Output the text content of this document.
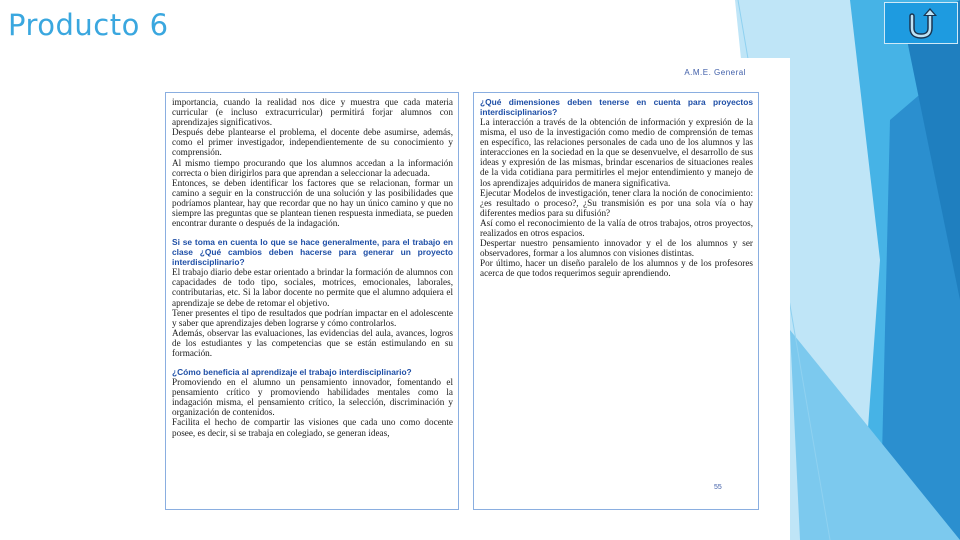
Producto 6
A.M.E. General

importancia, cuando la realidad nos dice y muestra que cada materia curricular (e incluso extracurricular) permitirá forjar alumnos con aprendizajes significativos.

Después debe plantearse el problema, el docente debe asumirse, además, como el primer investigador, independientemente de su conocimiento y comprensión.

Al mismo tiempo procurando que los alumnos accedan a la información correcta o bien dirigirlos para que aprendan a seleccionar la adecuada.

Entonces, se deben identificar los factores que se relacionan, formar un camino a seguir en la construcción de una solución y las posibilidades que podríamos plantear, hay que recordar que no hay un único camino y que no siempre las preguntas que se plantean tienen respuesta inmediata, se pueden encontrar durante o después de la indagación.

Si se toma en cuenta lo que se hace generalmente, para el trabajo en clase ¿Qué cambios deben hacerse para generar un proyecto interdisciplinario?

El trabajo diario debe estar orientado a brindar la formación de alumnos con capacidades de todo tipo, sociales, motrices, emocionales, laborales, contributarias, etc. Si la labor docente no permite que el alumno adquiera el aprendizaje se debe de retomar el objetivo.

Tener presentes el tipo de resultados que podrían impactar en el adolescente y saber que aprendizajes deben lograrse y cómo controlarlos.

Además, observar las evaluaciones, las evidencias del aula, avances, logros de los estudiantes y las competencias que se están estimulando en su formación.

¿Cómo beneficia al aprendizaje el trabajo interdisciplinario?

Promoviendo en el alumno un pensamiento innovador, fomentando el pensamiento crítico y promoviendo habilidades mentales como la indagación misma, el pensamiento crítico, la selección, discriminación y organización de contenidos.

Facilita el hecho de compartir las visiones que cada uno como docente posee, es decir, si se trabaja en colegiado, se generan ideas,

¿Qué dimensiones deben tenerse en cuenta para proyectos interdisciplinarios?

La interacción a través de la obtención de información y expresión de la misma, el uso de la investigación como medio de comprensión de temas en específico, las relaciones personales de cada uno de los alumnos y las interacciones en la sociedad en la que se desenvuelve, el desarrollo de sus ideas y expresión de las mismas, brindar escenarios de situaciones reales de la vida cotidiana para permitirles el mejor entendimiento y manejo de los aprendizajes adquiridos de manera significativa.

Ejecutar Modelos de investigación, tener clara la noción de conocimiento: ¿es resultado o proceso?, ¿Su transmisión es por una sola vía o hay diferentes medios para su difusión?

Así como el reconocimiento de la valía de otros trabajos, otros proyectos, realizados en otros espacios.

Despertar nuestro pensamiento innovador y el de los alumnos y ser observadores, formar a los alumnos con visiones distintas.

Por último, hacer un diseño paralelo de los alumnos y de los profesores acerca de que todos requerimos seguir aprendiendo.

55
